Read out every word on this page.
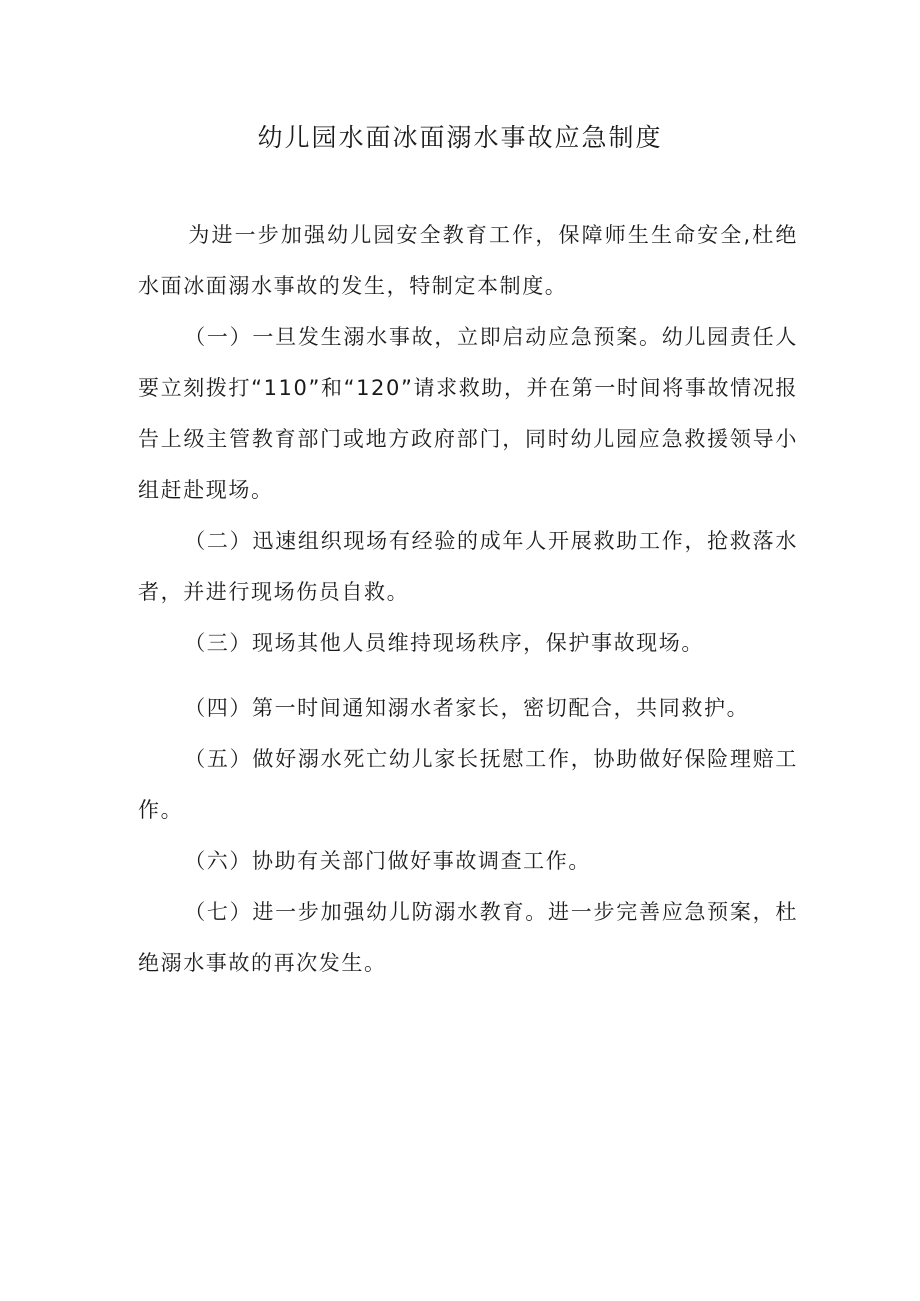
幼儿园水面冰面溺水事故应急制度

为进一步加强幼儿园安全教育工作，保障师生生命安全,杜绝水面冰面溺水事故的发生，特制定本制度。

（一）一旦发生溺水事故，立即启动应急预案。幼儿园责任人要立刻拨打“110”和“120”请求救助，并在第一时间将事故情况报告上级主管教育部门或地方政府部门，同时幼儿园应急救援领导小组赶赴现场。

（二）迅速组织现场有经验的成年人开展救助工作，抢救落水者，并进行现场伤员自救。

（三）现场其他人员维持现场秩序，保护事故现场。

（四）第一时间通知溺水者家长，密切配合，共同救护。

（五）做好溺水死亡幼儿家长抚慰工作，协助做好保险理赔工作。

（六）协助有关部门做好事故调查工作。

（七）进一步加强幼儿防溺水教育。进一步完善应急预案，杜绝溺水事故的再次发生。
